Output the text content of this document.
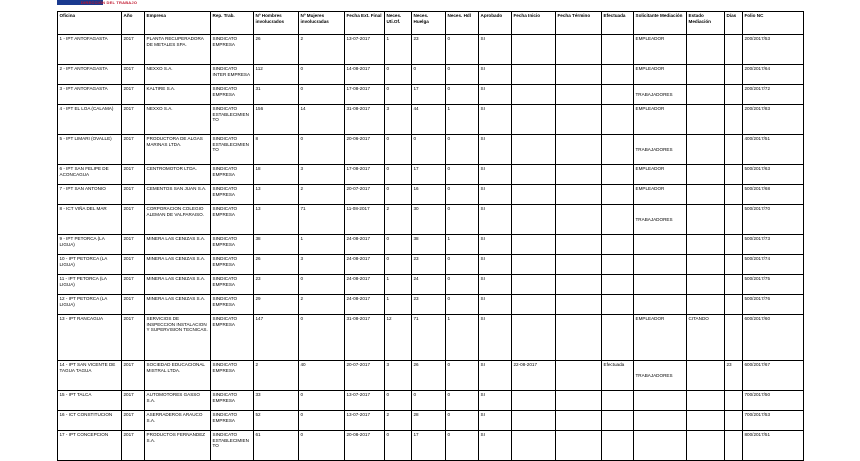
DIRECCIÓN DEL TRABAJO
Oficina	Año	Empresa	Rep. Trab.	Nº Hombres involucrados	Nº Mujeres involucradas	Fecha Ext. Final	Neces. Uti.Of.	Neces. Huelga	Neces. Hdl	Aprobado	Fecha Inicio	Fecha Término	Efectuada	Solicitante Mediación	Estado Mediación	Días	Folio NC
1 - IPT ANTOFAGASTA	2017	PLANTA RECUPERADORA DE METALES SPA.	SINDICATO EMPRESA	26	2	13-07-2017	1	23	0	SI				EMPLEADOR			200/2017/53
2 - IPT ANTOFAGASTA	2017	NEXXO S.A.	SINDICATO INTER EMPRESA	112	0	14-08-2017	0	0	0	SI				EMPLEADOR			200/2017/64
3 - IPT ANTOFAGASTA	2017	KALTIRE S.A.	SINDICATO EMPRESA	31	0	17-08-2017	0	17	0	SI				TRABAJADORES			200/2017/72
4 - IPT EL LOA (CALAMA)	2017	NEXXO S.A.	SINDICATO ESTABLECIMIENTO	156	14	31-08-2017	3	44	1	SI				EMPLEADOR			200/2017/83
5 - IPT LIMARI (OVALLE)	2017	PRODUCTORA DE ALGAS MARINAS LTDA.	SINDICATO ESTABLECIMIENTO	8	0	20-06-2017	0	0	0	SI				TRABAJADORES			400/2017/51
6 - IPT SAN FELIPE DE ACONCAGUA	2017	CENTROMOTOR LTDA.	SINDICATO EMPRESA	18	3	17-08-2017	0	17	0	SI				EMPLEADOR			500/2017/63
7 - IPT SAN ANTONIO	2017	CEMENTOS SAN JUAN S.A.	SINDICATO EMPRESA	13	2	20-07-2017	0	16	0	SI				EMPLEADOR			500/2017/68
8 - ICT VIÑA DEL MAR	2017	CORPORACION COLEGIO ALEMAN DE VALPARAISO.	SINDICATO EMPRESA	13	71	11-08-2017	2	30	0	SI				TRABAJADORES			500/2017/70
9 - IPT PETORCA (LA LIGUA)	2017	MINERA LAS CENIZAS S.A.	SINDICATO EMPRESA	38	1	24-08-2017	0	38	1	SI							500/2017/73
10 - IPT PETORCA (LA LIGUA)	2017	MINERA LAS CENIZAS S.A.	SINDICATO EMPRESA	26	3	24-08-2017	0	23	0	SI							500/2017/74
11 - IPT PETORCA (LA LIGUA)	2017	MINERA LAS CENIZAS S.A.	SINDICATO EMPRESA	23	0	24-08-2017	1	24	0	SI							500/2017/75
12 - IPT PETORCA (LA LIGUA)	2017	MINERA LAS CENIZAS S.A.	SINDICATO EMPRESA	29	2	24-08-2017	1	23	0	SI							500/2017/76
13 - IPT RANCAGUA	2017	SERVICIOS DE INSPECCION INSTALACION Y SUPERVISION TECNICAS.	SINDICATO EMPRESA	147	0	31-08-2017	12	71	1	SI				EMPLEADOR	CITANDO		600/2017/60
14 - IPT SAN VICENTE DE TAGUA TAGUA	2017	SOCIEDAD EDUCACIONAL MISTRAL LTDA.	SINDICATO EMPRESA	2	40	20-07-2017	3	26	0	SI	22-08-2017		Efectuada	TRABAJADORES		23	600/2017/67
15 - IPT TALCA	2017	AUTOMOTORES GASSO S.A.	SINDICATO EMPRESA	33	0	13-07-2017	0	0	0	SI							700/2017/50
16 - ICT CONSTITUCION	2017	ASERRADEROS ARAUCO S.A.	SINDICATO EMPRESA	52	0	13-07-2017	2	28	0	SI							700/2017/53
17 - IPT CONCEPCION	2017	PRODUCTOS FERNANDEZ S.A.	SINDICATO ESTABLECIMIENTO	61	0	20-08-2017	0	17	0	SI							800/2017/51
